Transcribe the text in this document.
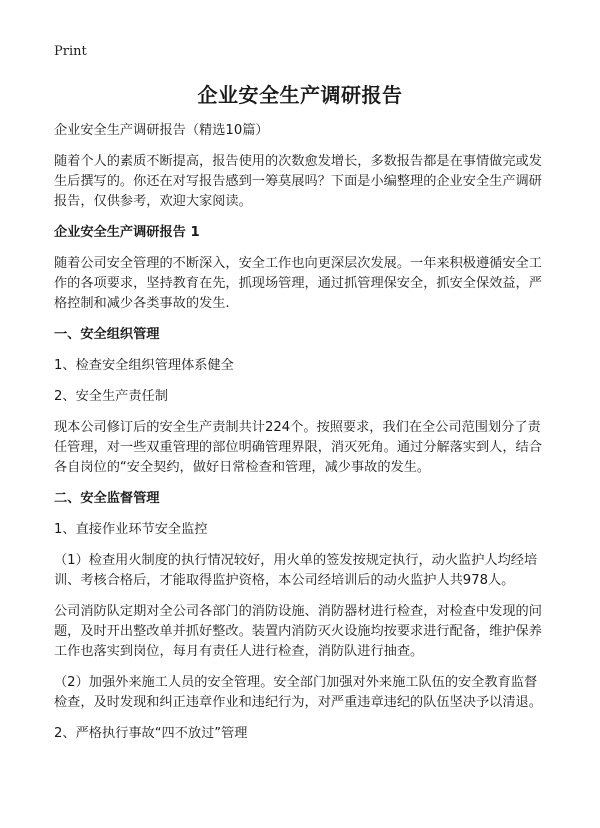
Print
企业安全生产调研报告

企业安全生产调研报告（精选10篇）

随着个人的素质不断提高，报告使用的次数愈发增长，多数报告都是在事情做完或发生后撰写的。你还在对写报告感到一筹莫展吗？下面是小编整理的企业安全生产调研报告，仅供参考，欢迎大家阅读。

企业安全生产调研报告 1

随着公司安全管理的不断深入，安全工作也向更深层次发展。一年来积极遵循安全工作的各项要求，坚持教育在先，抓现场管理，通过抓管理保安全，抓安全保效益，严格控制和减少各类事故的发生.

一、安全组织管理

1、检查安全组织管理体系健全

2、安全生产责任制

现本公司修订后的安全生产责制共计224个。按照要求，我们在全公司范围划分了责任管理，对一些双重管理的部位明确管理界限，消灭死角。通过分解落实到人，结合各自岗位的“安全契约，做好日常检查和管理，减少事故的发生。

二、安全监督管理

1、直接作业环节安全监控

（1）检查用火制度的执行情况较好，用火单的签发按规定执行，动火监护人均经培训、考核合格后，才能取得监护资格，本公司经培训后的动火监护人共978人。

公司消防队定期对全公司各部门的消防设施、消防器材进行检查，对检查中发现的问题，及时开出整改单并抓好整改。装置内消防灭火设施均按要求进行配备，维护保养工作也落实到岗位，每月有责任人进行检查，消防队进行抽查。

（2）加强外来施工人员的安全管理。安全部门加强对外来施工队伍的安全教育监督检查，及时发现和纠正违章作业和违纪行为，对严重违章违纪的队伍坚决予以清退。

2、严格执行事故“四不放过”管理
